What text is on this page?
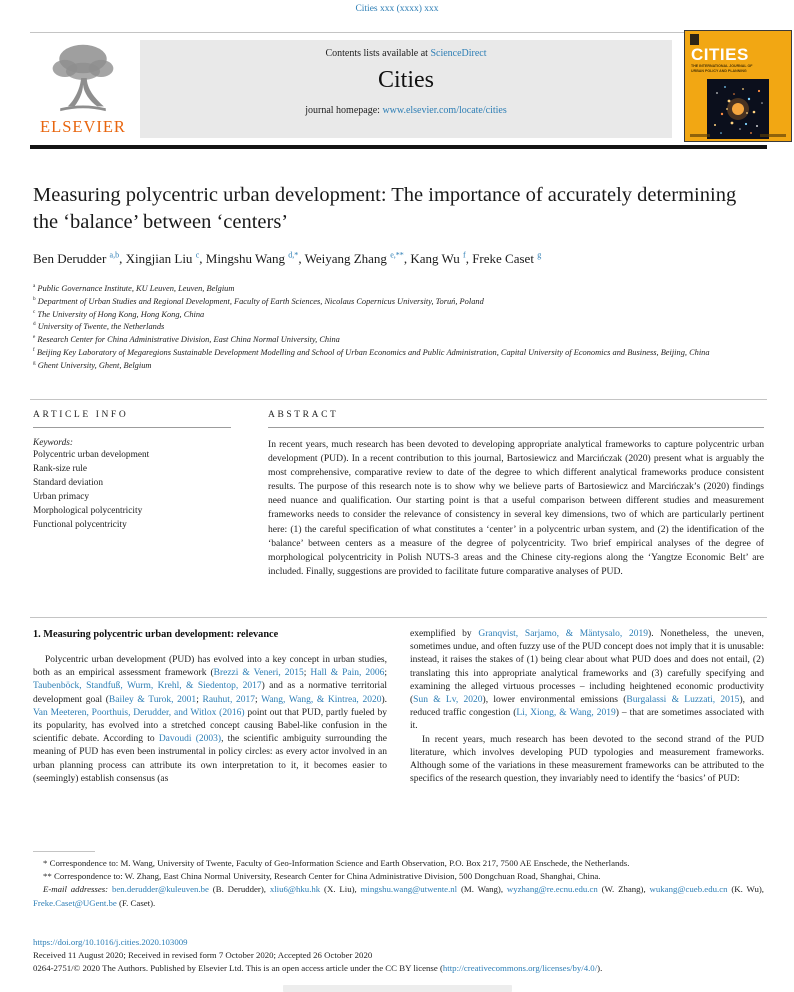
Cities xxx (xxxx) xxx
ELSEVIER
Contents lists available at ScienceDirect
Cities
journal homepage: www.elsevier.com/locate/cities
CITIES
THE INTERNATIONAL JOURNAL OF URBAN POLICY AND PLANNING
Measuring polycentric urban development: The importance of accurately determining the ‘balance’ between ‘centers’
Ben Derudder $^{a,b}$, Xingjian Liu $^c$, Mingshu Wang $^{d,*}$, Weiyang Zhang $^{e,**}$, Kang Wu $^f$, Freke Caset $^g$
$^a$ Public Governance Institute, KU Leuven, Leuven, Belgium
$^b$ Department of Urban Studies and Regional Development, Faculty of Earth Sciences, Nicolaus Copernicus University, Toruń, Poland
$^c$ The University of Hong Kong, Hong Kong, China
$^d$ University of Twente, the Netherlands
$^e$ Research Center for China Administrative Division, East China Normal University, China
$^f$ Beijing Key Laboratory of Megaregions Sustainable Development Modelling and School of Urban Economics and Public Administration, Capital University of Economics and Business, Beijing, China
$^g$ Ghent University, Ghent, Belgium
ARTICLE INFO
Keywords:
Polycentric urban development
Rank-size rule
Standard deviation
Urban primacy
Morphological polycentricity
Functional polycentricity
ABSTRACT
In recent years, much research has been devoted to developing appropriate analytical frameworks to capture polycentric urban development (PUD). In a recent contribution to this journal, Bartosiewicz and Marcińczak (2020) present what is arguably the most comprehensive, comparative review to date of the degree to which different analytical frameworks produce consistent results. The purpose of this research note is to show why we believe parts of Bartosiewicz and Marcińczak’s (2020) findings need nuance and qualification. Our starting point is that a useful comparison between different studies and measurement frameworks needs to consider the relevance of consistency in several key dimensions, two of which are particularly pertinent here: (1) the careful specification of what constitutes a ‘center’ in a polycentric urban system, and (2) the identification of the ‘balance’ between centers as a measure of the degree of polycentricity. Two brief empirical analyses of the degree of morphological polycentricity in Polish NUTS-3 areas and the Chinese city-regions along the ‘Yangtze Economic Belt’ are included. Finally, suggestions are provided to facilitate future comparative analyses of PUD.
1. Measuring polycentric urban development: relevance

Polycentric urban development (PUD) has evolved into a key concept in urban studies, both as an empirical assessment framework (Brezzi & Veneri, 2015; Hall & Pain, 2006; Taubenböck, Standfuß, Wurm, Krehl, & Siedentop, 2017) and as a normative territorial development goal (Bailey & Turok, 2001; Rauhut, 2017; Wang, Wang, & Kintrea, 2020). Van Meeteren, Poorthuis, Derudder, and Witlox (2016) point out that PUD, partly fueled by its popularity, has evolved into a stretched concept causing Babel-like confusion in the scientific debate. According to Davoudi (2003), the scientific ambiguity surrounding the meaning of PUD has even been instrumental in policy circles: as every actor involved in an urban planning process can attribute its own interpretation to it, it becomes easier to (seemingly) establish consensus (as

exemplified by Granqvist, Sarjamo, & Mäntysalo, 2019). Nonetheless, the uneven, sometimes undue, and often fuzzy use of the PUD concept does not imply that it is unusable: instead, it raises the stakes of (1) being clear about what PUD does and does not entail, (2) translating this into appropriate analytical frameworks and (3) carefully specifying and examining the alleged virtuous processes – including heightened economic productivity (Sun & Lv, 2020), lower environmental emissions (Burgalassi & Luzzati, 2015), and reduced traffic congestion (Li, Xiong, & Wang, 2019) – that are sometimes associated with it.

In recent years, much research has been devoted to the second strand of the PUD literature, which involves developing PUD typologies and measurement frameworks. Although some of the variations in these measurement frameworks can be attributed to the specifics of the research question, they invariably need to identify the ‘basics’ of PUD:

* Correspondence to: M. Wang, University of Twente, Faculty of Geo-Information Science and Earth Observation, P.O. Box 217, 7500 AE Enschede, the Netherlands.

** Correspondence to: W. Zhang, East China Normal University, Research Center for China Administrative Division, 500 Dongchuan Road, Shanghai, China.

E-mail addresses: ben.derudder@kuleuven.be (B. Derudder), xliu6@hku.hk (X. Liu), mingshu.wang@utwente.nl (M. Wang), wyzhang@re.ecnu.edu.cn (W. Zhang), wukang@cueb.edu.cn (K. Wu), Freke.Caset@UGent.be (F. Caset).

https://doi.org/10.1016/j.cities.2020.103009
Received 11 August 2020; Received in revised form 7 October 2020; Accepted 26 October 2020
0264-2751/© 2020 The Authors. Published by Elsevier Ltd. This is an open access article under the CC BY license (http://creativecommons.org/licenses/by/4.0/).
